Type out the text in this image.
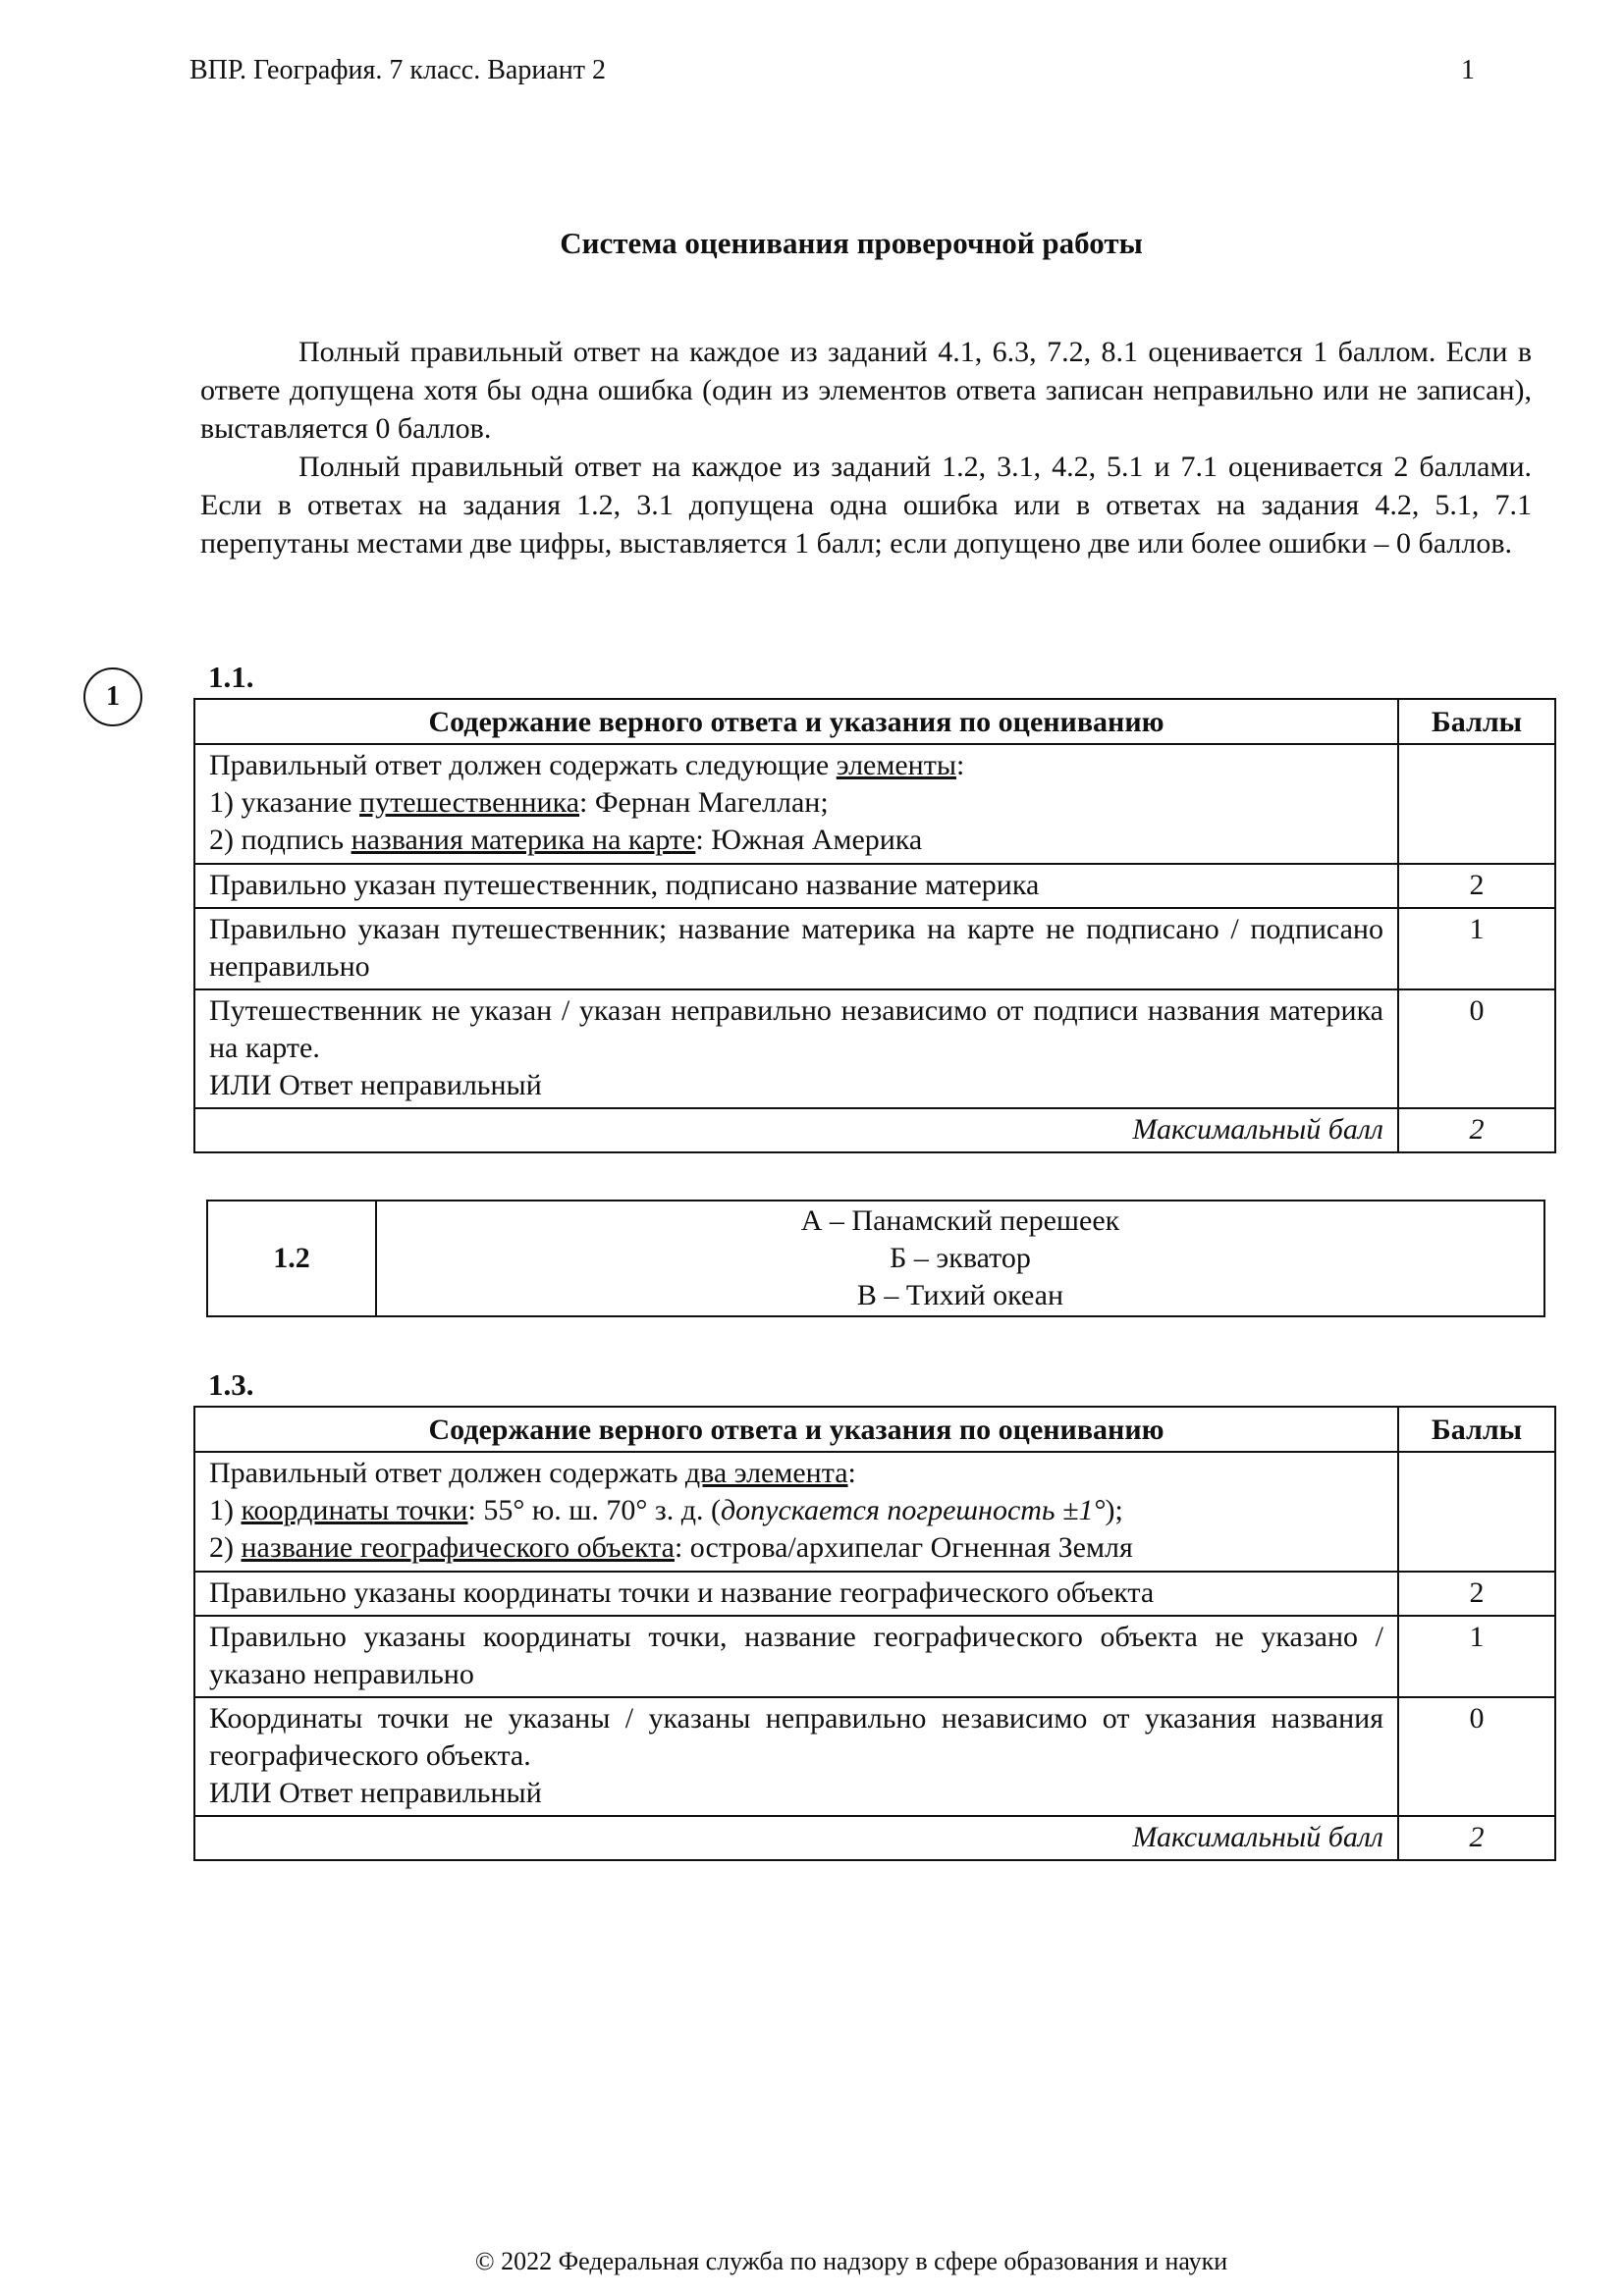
ВПР. География. 7 класс. Вариант 2	1
Система оценивания проверочной работы

Полный правильный ответ на каждое из заданий 4.1, 6.3, 7.2, 8.1 оценивается 1 баллом. Если в ответе допущена хотя бы одна ошибка (один из элементов ответа записан неправильно или не записан), выставляется 0 баллов.

Полный правильный ответ на каждое из заданий 1.2, 3.1, 4.2, 5.1 и 7.1 оценивается 2 баллами. Если в ответах на задания 1.2, 3.1 допущена одна ошибка или в ответах на задания 4.2, 5.1, 7.1 перепутаны местами две цифры, выставляется 1 балл; если допущено две или более ошибки – 0 баллов.

1
1.1.
Содержание верного ответа и указания по оцениванию	Баллы

Правильный ответ должен содержать следующие элементы:
1) указание путешественника: Фернан Магеллан;
2) подпись названия материка на карте: Южная Америка	

Правильно указан путешественник, подписано название материка	2
Правильно указан путешественник; название материка на карте не подписано / подписано неправильно	1

Путешественник не указан / указан неправильно независимо от подписи названия материка на карте.
ИЛИ Ответ неправильный	0
Максимальный балл	2
1.2	
А – Панамский перешеек
Б – экватор
В – Тихий океан
1.3.
Содержание верного ответа и указания по оцениванию	Баллы

Правильный ответ должен содержать два элемента:
1) координаты точки: 55° ю. ш. 70° з. д. (допускается погрешность ±1°);
2) название географического объекта: острова/архипелаг Огненная Земля	

Правильно указаны координаты точки и название географического объекта	2
Правильно указаны координаты точки, название географического объекта не указано / указано неправильно	1

Координаты точки не указаны / указаны неправильно независимо от указания названия географического объекта.
ИЛИ Ответ неправильный	0
Максимальный балл	2
© 2022 Федеральная служба по надзору в сфере образования и науки
